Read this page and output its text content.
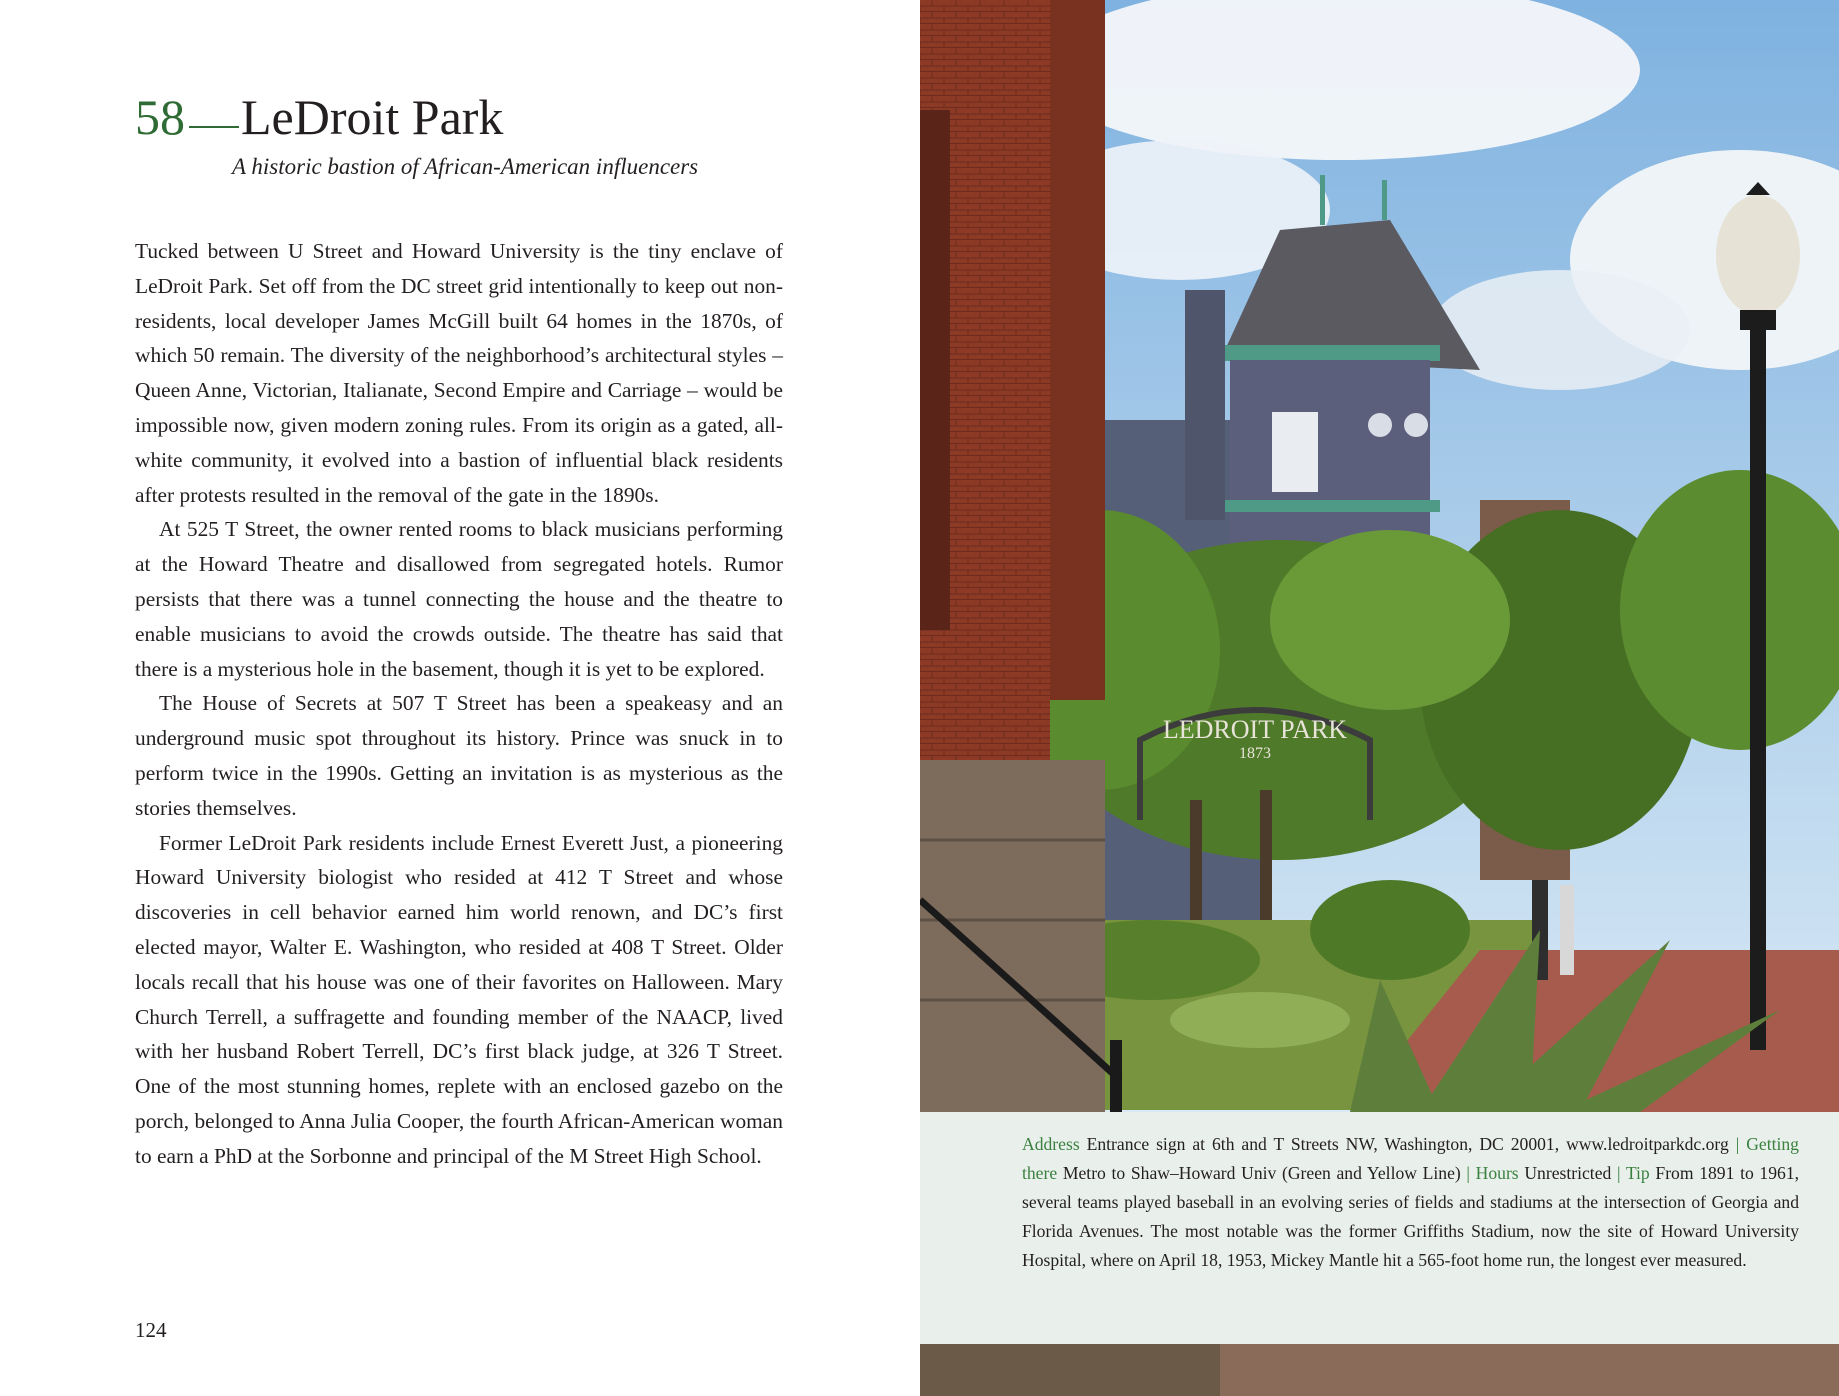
58 LeDroit Park
A historic bastion of African-American influencers

Tucked between U Street and Howard University is the tiny enclave of LeDroit Park. Set off from the DC street grid intentionally to keep out non-residents, local developer James McGill built 64 homes in the 1870s, of which 50 remain. The diversity of the neighborhood’s architectural styles – Queen Anne, Victorian, Italianate, Second Empire and Carriage – would be impossible now, given modern zoning rules. From its origin as a gated, all-white community, it evolved into a bastion of influential black residents after protests resulted in the removal of the gate in the 1890s.

At 525 T Street, the owner rented rooms to black musicians performing at the Howard Theatre and disallowed from segregated hotels. Rumor persists that there was a tunnel connecting the house and the theatre to enable musicians to avoid the crowds outside. The theatre has said that there is a mysterious hole in the basement, though it is yet to be explored.

The House of Secrets at 507 T Street has been a speakeasy and an underground music spot throughout its history. Prince was snuck in to perform twice in the 1990s. Getting an invitation is as mysterious as the stories themselves.

Former LeDroit Park residents include Ernest Everett Just, a pioneering Howard University biologist who resided at 412 T Street and whose discoveries in cell behavior earned him world renown, and DC’s first elected mayor, Walter E. Washington, who resided at 408 T Street. Older locals recall that his house was one of their favorites on Halloween. Mary Church Terrell, a suffragette and founding member of the NAACP, lived with her husband Robert Terrell, DC’s first black judge, at 326 T Street. One of the most stunning homes, replete with an enclosed gazebo on the porch, belonged to Anna Julia Cooper, the fourth African-American woman to earn a PhD at the Sorbonne and principal of the M Street High School.

124
LEDROIT PARK
1873
Address Entrance sign at 6th and T Streets NW, Washington, DC 20001, www.ledroitparkdc.org | Getting there Metro to Shaw–Howard Univ (Green and Yellow Line) | Hours Unrestricted | Tip From 1891 to 1961, several teams played baseball in an evolving series of fields and stadiums at the intersection of Georgia and Florida Avenues. The most notable was the former Griffiths Stadium, now the site of Howard University Hospital, where on April 18, 1953, Mickey Mantle hit a 565-foot home run, the longest ever measured.
